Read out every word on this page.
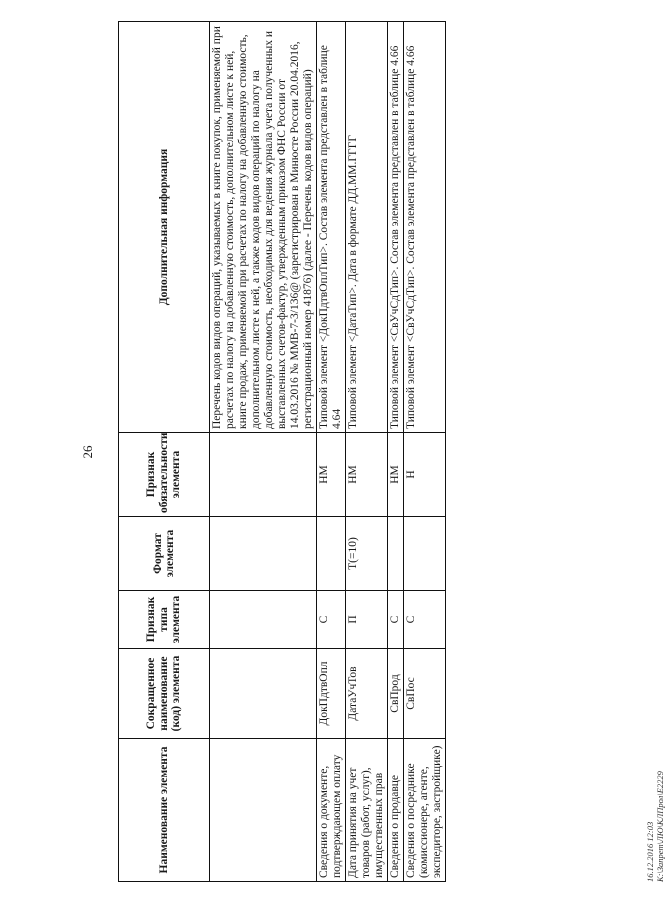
26
Наименование элемента	Сокращенное наименование (код) элемента	Признак типа элемента	Формат элемента	Признак обязательности элемента	Дополнительная информация
					Перечень кодов видов операций, указываемых в книге покупок, применяемой при расчетах по налогу на добавленную стоимость, дополнительном листе к ней, книге продаж, применяемой при расчетах по налогу на добавленную стоимость, дополнительном листе к ней, а также кодов видов операций по налогу на добавленную стоимость, необходимых для ведения журнала учета полученных и выставленных счетов-фактур, утвержденным приказом ФНС России от 14.03.2016 № ММВ-7-3/136@ (зарегистрирован в Минюсте России 20.04.2016, регистрационный номер 41876) (далее - Перечень кодов видов операций)
Сведения о документе, подтверждающем оплату	ДокПдтвОпл	С		НМ	Типовой элемент <ДокПдтвОплТип>. Состав элемента представлен в таблице 4.64
Дата принятия на учет товаров (работ, услуг), имущественных прав	ДатаУчТов	П	T(=10)	НМ	Типовой элемент <ДатаТип>. Дата в формате ДД.ММ.ГГГГ
Сведения о продавце	СвПрод	С		НМ	Типовой элемент <СвУчСдТип>. Состав элемента представлен в таблице 4.66
Сведения о посреднике (комиссионере, агенте, экспедиторе, застройщике)	СвПос	С		Н	Типовой элемент <СвУчСдТип>. Состав элемента представлен в таблице 4.66
16.12.2016 12:03 К:\Запрет\ЛЮ\КЛПрол\Е2229
